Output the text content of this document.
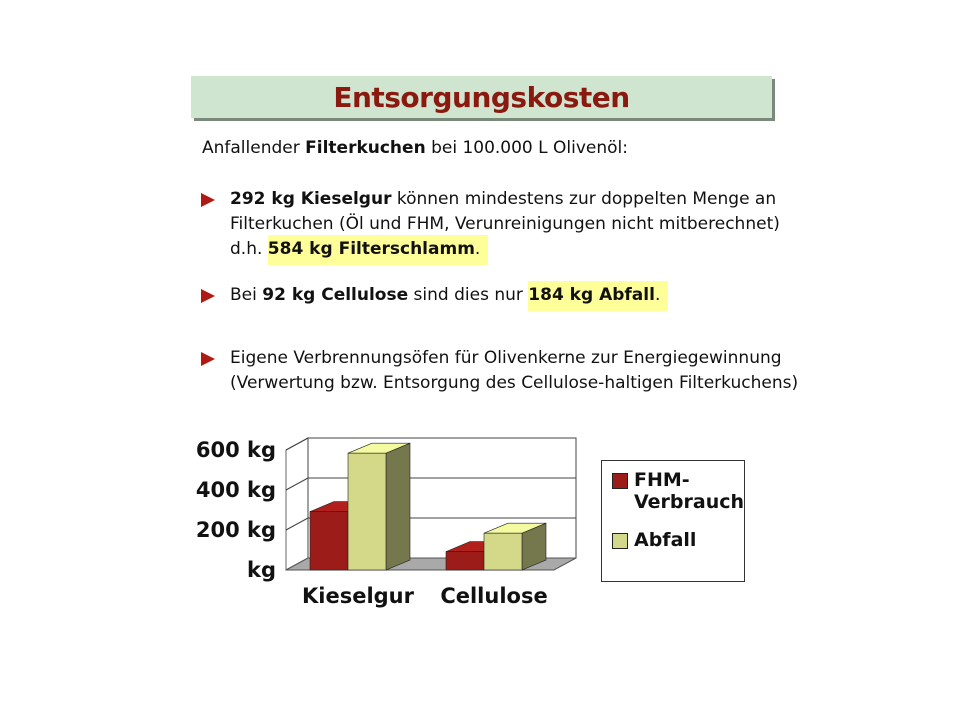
Entsorgungskosten
Anfallender Filterkuchen bei 100.000 L Olivenöl:
292 kg Kieselgur können mindestens zur doppelten Menge an
Filterkuchen (Öl und FHM, Verunreinigungen nicht mitberechnet)
d.h. 584 kg Filterschlamm.
Bei 92 kg Cellulose sind dies nur 184 kg Abfall.
Eigene Verbrennungsöfen für Olivenkerne zur Energiegewinnung
(Verwertung bzw. Entsorgung des Cellulose-haltigen Filterkuchens)
kg
200 kg
400 kg
600 kg
Kieselgur Cellulose
FHM-
Verbrauch
Abfall
